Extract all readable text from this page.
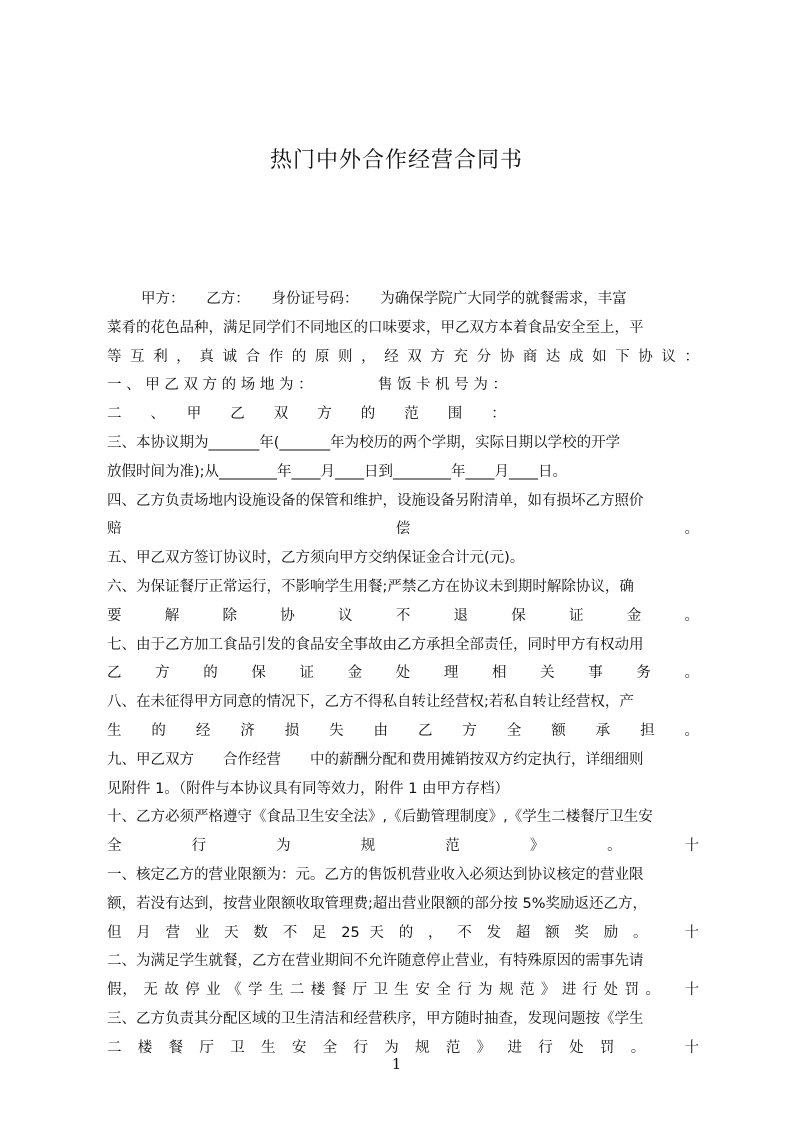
热门中外合作经营合同书
甲方：　　乙方：　　身份证号码：　　为确保学院广大同学的就餐需求，丰富
菜肴的花色品种，满足同学们不同地区的口味要求，甲乙双方本着食品安全至上，平
等 互 利 ， 真 诚 合 作 的 原 则 ， 经 双 方 充 分 协 商 达 成 如 下 协 议 ：
一 、 甲 乙 双 方 的 场 地 为 ：　　　　　售 饭 卡 机 号 为 ：
二　　、　　甲　　乙　　双　　方　　的　　范　　围　　：
三、本协议期为_______年(_______年为校历的两个学期，实际日期以学校的开学
放假时间为准);从________年____月____日到________年____月____日。
四、乙方负责场地内设施设备的保管和维护，设施设备另附清单，如有损坏乙方照价
赔　　　　　　　　　　　　偿　　　　　　　　　　　　。
五、甲乙双方签订协议时，乙方须向甲方交纳保证金合计元(元)。
六、为保证餐厅正常运行，不影响学生用餐;严禁乙方在协议未到期时解除协议，确
要　　解　　除　　协　　议　　不　　退　　保　　证　　金　　。
七、由于乙方加工食品引发的食品安全事故由乙方承担全部责任，同时甲方有权动用
乙　　方　　的　　保　　证　　金　　处　　理　　相　　关　　事　　务　　。
八、在未征得甲方同意的情况下，乙方不得私自转让经营权;若私自转让经营权，产
生　　的　　经　　济　　损　　失　　由　　乙　　方　　全　　额　　承　　担　　。
九、甲乙双方　　合作经营　　中的薪酬分配和费用摊销按双方约定执行，详细细则
见附件 1。（附件与本协议具有同等效力，附件 1 由甲方存档）
十、乙方必须严格遵守《食品卫生安全法》,《后勤管理制度》,《学生二楼餐厅卫生安
全　　行　　为　　规　　范　　》　　。　　十
一、核定乙方的营业限额为：元。乙方的售饭机营业收入必须达到协议核定的营业限
额，若没有达到，按营业限额收取管理费;超出营业限额的部分按 5%奖励返还乙方，
但 月 营 业 天 数 不 足 25 天 的 ， 不 发 超 额 奖 励 。　　十
二、为满足学生就餐，乙方在营业期间不允许随意停止营业，有特殊原因的需事先请
假， 无 故 停 业 《 学 生 二 楼 餐 厅 卫 生 安 全 行 为 规 范 》 进 行 处 罚 。　　十
三、乙方负责其分配区域的卫生清洁和经营秩序，甲方随时抽查，发现问题按《学生
二 楼 餐 厅 卫 生 安 全 行 为 规 范 》 进 行 处 罚 。　　十
1
